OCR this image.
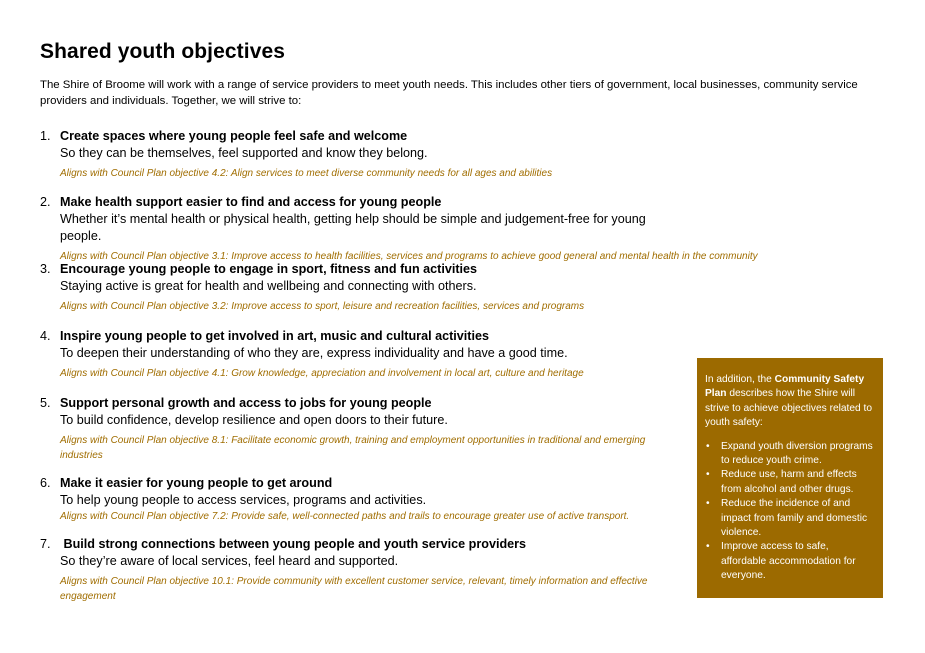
Shared youth objectives

The Shire of Broome will work with a range of service providers to meet youth needs. This includes other tiers of government, local businesses, community service providers and individuals. Together, we will strive to:

1. Create spaces where young people feel safe and welcome
So they can be themselves, feel supported and know they belong.
Aligns with Council Plan objective 4.2: Align services to meet diverse community needs for all ages and abilities
2. Make health support easier to find and access for young people
Whether it’s mental health or physical health, getting help should be simple and judgement-free for young people.
Aligns with Council Plan objective 3.1: Improve access to health facilities, services and programs to achieve good general and mental health in the community
3. Encourage young people to engage in sport, fitness and fun activities
Staying active is great for health and wellbeing and connecting with others.
Aligns with Council Plan objective 3.2: Improve access to sport, leisure and recreation facilities, services and programs
4. Inspire young people to get involved in art, music and cultural activities
To deepen their understanding of who they are, express individuality and have a good time.
Aligns with Council Plan objective 4.1: Grow knowledge, appreciation and involvement in local art, culture and heritage
5. Support personal growth and access to jobs for young people
To build confidence, develop resilience and open doors to their future.
Aligns with Council Plan objective 8.1: Facilitate economic growth, training and employment opportunities in traditional and emerging industries
6. Make it easier for young people to get around
To help young people to access services, programs and activities.
Aligns with Council Plan objective 7.2: Provide safe, well-connected paths and trails to encourage greater use of active transport.
7. Build strong connections between young people and youth service providers
So they’re aware of local services, feel heard and supported.
Aligns with Council Plan objective 10.1: Provide community with excellent customer service, relevant, timely information and effective engagement

In addition, the Community Safety Plan describes how the Shire will strive to achieve objectives related to youth safety:

• Expand youth diversion programs to reduce youth crime.
• Reduce use, harm and effects from alcohol and other drugs.
• Reduce the incidence of and impact from family and domestic violence.
• Improve access to safe, affordable accommodation for everyone.
